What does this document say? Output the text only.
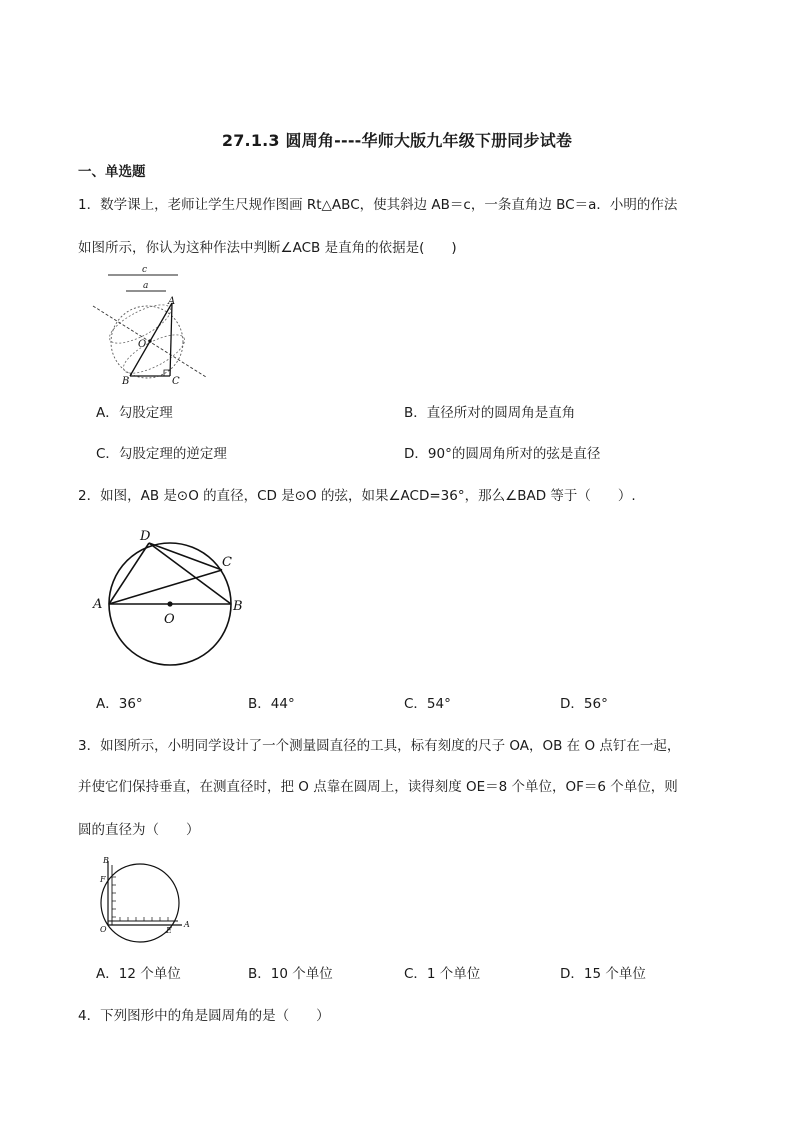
27.1.3 圆周角----华师大版九年级下册同步试卷
一、单选题
1．数学课上，老师让学生尺规作图画 Rt△ABC，使其斜边 AB＝c，一条直角边 BC＝a．小明的作法
如图所示，你认为这种作法中判断∠ACB 是直角的依据是(　　)
c
a
A
O
B	C
A．勾股定理	B．直径所对的圆周角是直角
C．勾股定理的逆定理	D．90°的圆周角所对的弦是直径
2．如图，AB 是⊙O 的直径，CD 是⊙O 的弦，如果∠ACD=36°，那么∠BAD 等于（　　）.
D
C
A	B
O
A．36°	B．44°	C．54°	D．56°
3．如图所示，小明同学设计了一个测量圆直径的工具，标有刻度的尺子 OA，OB 在 O 点钉在一起，
并使它们保持垂直，在测直径时，把 O 点靠在圆周上，读得刻度 OE＝8 个单位，OF＝6 个单位，则
圆的直径为（　　）
B
F
O	E
A
A．12 个单位	B．10 个单位	C．1 个单位	D．15 个单位
4．下列图形中的角是圆周角的是（　　）
